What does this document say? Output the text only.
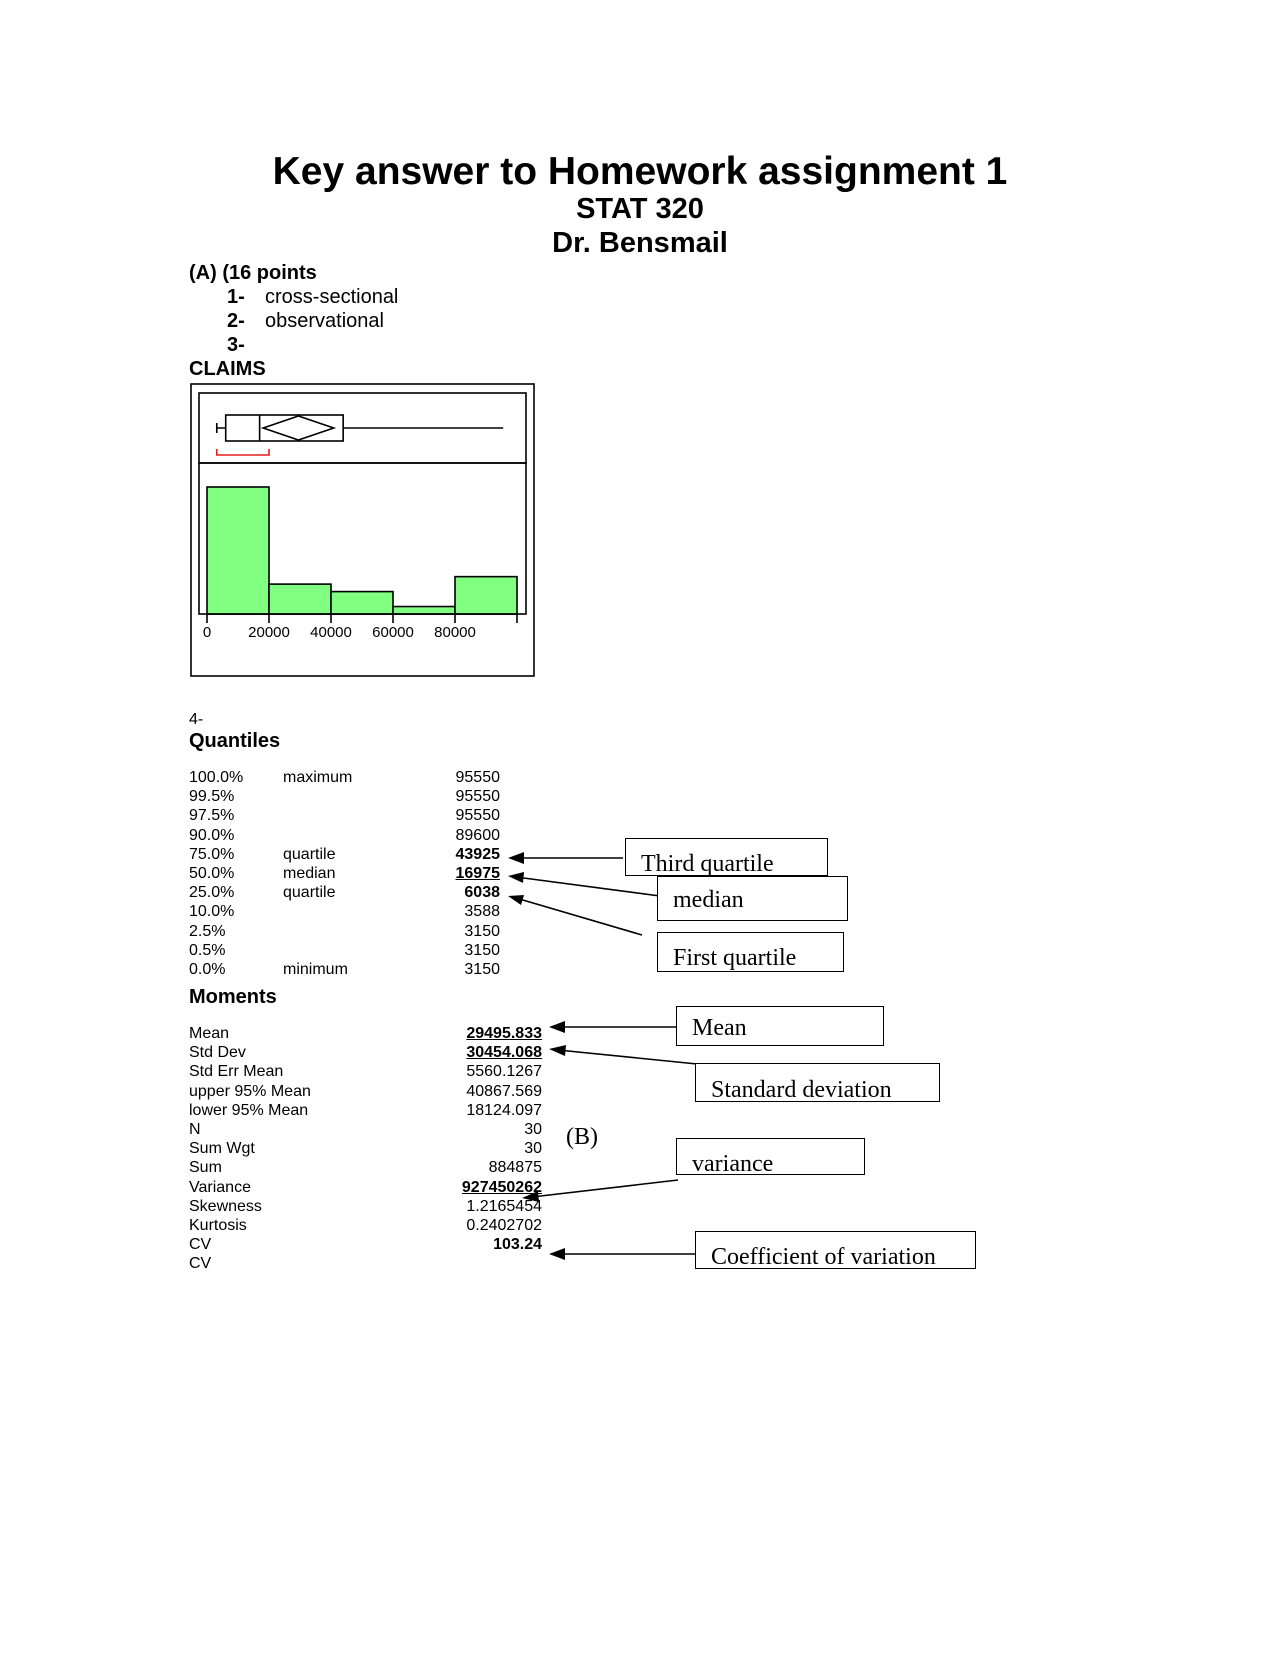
Key answer to Homework assignment 1
STAT 320
Dr. Bensmail
(A) (16 points
1- cross-sectional
2- observational
3-
CLAIMS
0 20000 40000 60000 80000
4-
Quantiles
100.0% maximum	95550
99.5%	95550
97.5%	95550
90.0%	89600
75.0%	quartile	43925
50.0%	median	16975
25.0%	quartile	6038
10.0%	3588
2.5%	3150
0.5%	3150
0.0%	minimum	3150
Moments
Mean	29495.833
Std Dev	30454.068
Std Err Mean	5560.1267
upper 95% Mean	40867.569
lower 95% Mean	18124.097
N	30
Sum Wgt	30
Sum	884875
Variance	927450262
Skewness	1.2165454
Kurtosis	0.2402702
CV	103.24
CV
(B)
Third quartile
median
First quartile
Mean
Standard deviation
variance
Coefficient of variation
